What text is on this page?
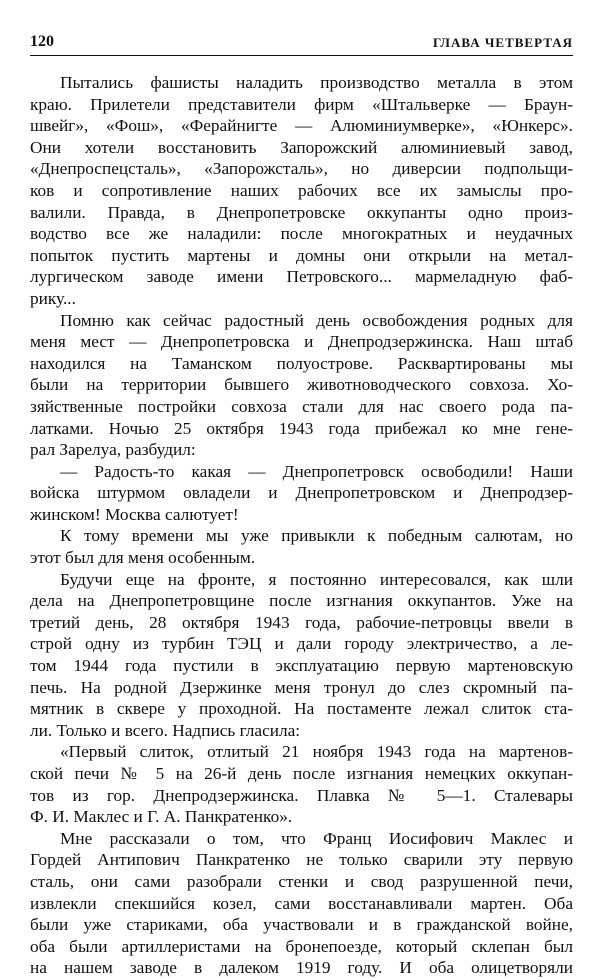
120	ГЛАВА ЧЕТВЕРТАЯ
Пытались фашисты наладить производство металла в этом
краю. Прилетели представители фирм «Штальверке — Браун-
швейг», «Фош», «Ферайнигте — Алюминиумверке», «Юнкерс».
Они хотели восстановить Запорожский алюминиевый завод,
«Днепроспецсталь», «Запорожсталь», но диверсии подпольщи-
ков и сопротивление наших рабочих все их замыслы про-
валили. Правда, в Днепропетровске оккупанты одно произ-
водство все же наладили: после многократных и неудачных
попыток пустить мартены и домны они открыли на метал-
лургическом заводе имени Петровского... мармеладную фаб-
рику...
Помню как сейчас радостный день освобождения родных для
меня мест — Днепропетровска и Днепродзержинска. Наш штаб
находился на Таманском полуострове. Расквартированы мы
были на территории бывшего животноводческого совхоза. Хо-
зяйственные постройки совхоза стали для нас своего рода па-
латками. Ночью 25 октября 1943 года прибежал ко мне гене-
рал Зарелуа, разбудил:
— Радость-то какая — Днепропетровск освободили! Наши
войска штурмом овладели и Днепропетровском и Днепродзер-
жинском! Москва салютует!
К тому времени мы уже привыкли к победным салютам, но
этот был для меня особенным.
Будучи еще на фронте, я постоянно интересовался, как шли
дела на Днепропетровщине после изгнания оккупантов. Уже на
третий день, 28 октября 1943 года, рабочие-петровцы ввели в
строй одну из турбин ТЭЦ и дали городу электричество, а ле-
том 1944 года пустили в эксплуатацию первую мартеновскую
печь. На родной Дзержинке меня тронул до слез скромный па-
мятник в сквере у проходной. На постаменте лежал слиток ста-
ли. Только и всего. Надпись гласила:
«Первый слиток, отлитый 21 ноября 1943 года на мартенов-
ской печи № 5 на 26-й день после изгнания немецких оккупан-
тов из гор. Днепродзержинска. Плавка № 5—1. Сталевары
Ф. И. Маклес и Г. А. Панкратенко».
Мне рассказали о том, что Франц Иосифович Маклес и
Гордей Антипович Панкратенко не только сварили эту первую
сталь, они сами разобрали стенки и свод разрушенной печи,
извлекли спекшийся козел, сами восстанавливали мартен. Оба
были уже стариками, оба участвовали и в гражданской войне,
оба были артиллеристами на бронепоезде, который склепан был
на нашем заводе в далеком 1919 году. И оба олицетворяли
